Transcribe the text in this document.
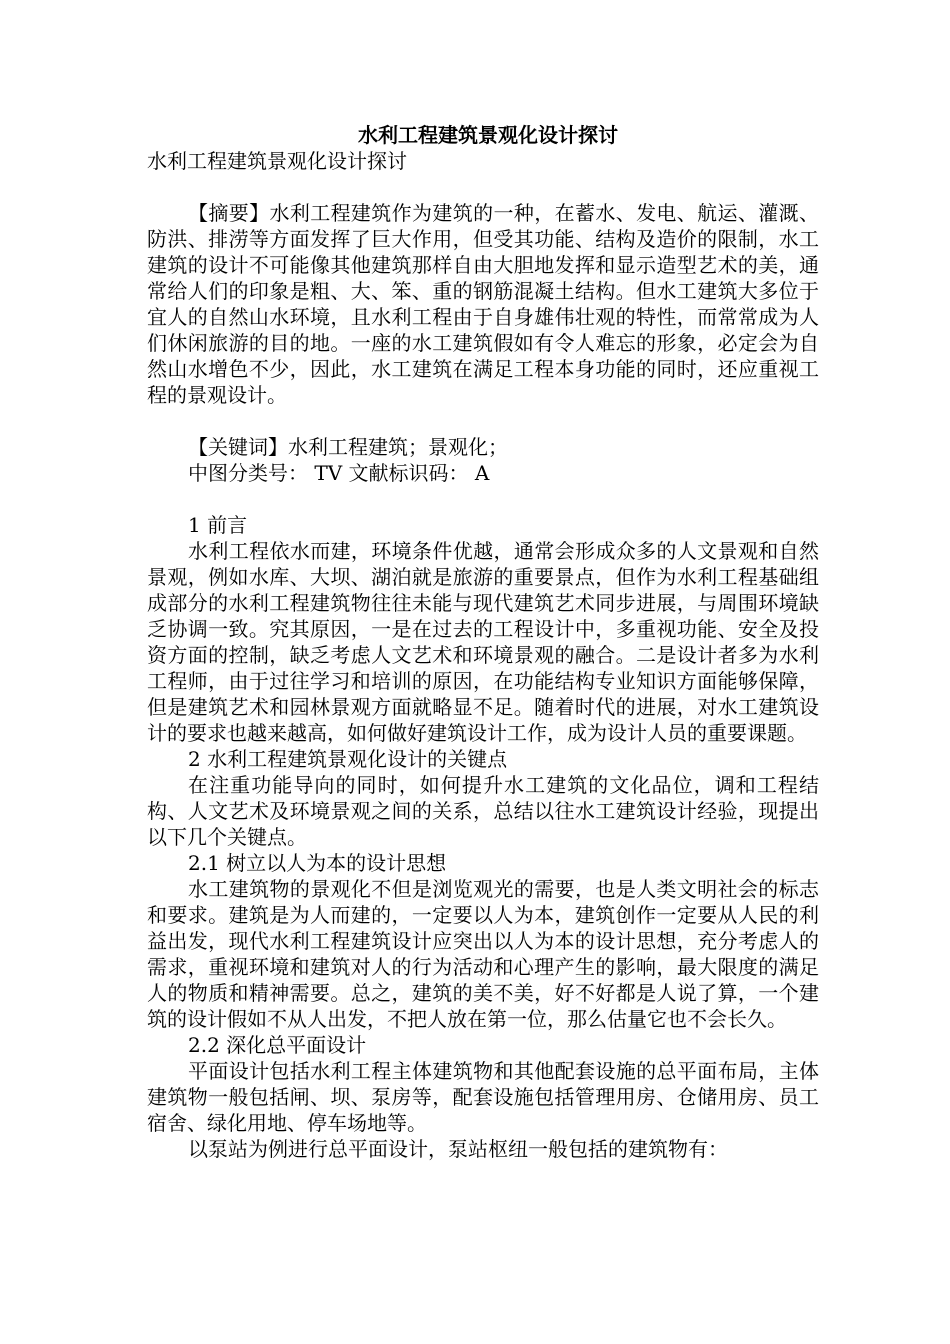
水利工程建筑景观化设计探讨

水利工程建筑景观化设计探讨

【摘要】水利工程建筑作为建筑的一种，在蓄水、发电、航运、灌溉、防洪、排涝等方面发挥了巨大作用，但受其功能、结构及造价的限制，水工建筑的设计不可能像其他建筑那样自由大胆地发挥和显示造型艺术的美，通常给人们的印象是粗、大、笨、重的钢筋混凝土结构。但水工建筑大多位于宜人的自然山水环境，且水利工程由于自身雄伟壮观的特性，而常常成为人们休闲旅游的目的地。一座的水工建筑假如有令人难忘的形象，必定会为自然山水增色不少，因此，水工建筑在满足工程本身功能的同时，还应重视工程的景观设计。

【关键词】水利工程建筑；景观化；

中图分类号： TV 文献标识码： A

1 前言

水利工程依水而建，环境条件优越，通常会形成众多的人文景观和自然景观，例如水库、大坝、湖泊就是旅游的重要景点，但作为水利工程基础组成部分的水利工程建筑物往往未能与现代建筑艺术同步进展，与周围环境缺乏协调一致。究其原因，一是在过去的工程设计中，多重视功能、安全及投资方面的控制，缺乏考虑人文艺术和环境景观的融合。二是设计者多为水利工程师，由于过往学习和培训的原因，在功能结构专业知识方面能够保障，但是建筑艺术和园林景观方面就略显不足。随着时代的进展，对水工建筑设计的要求也越来越高，如何做好建筑设计工作，成为设计人员的重要课题。

2 水利工程建筑景观化设计的关键点

在注重功能导向的同时，如何提升水工建筑的文化品位，调和工程结构、人文艺术及环境景观之间的关系，总结以往水工建筑设计经验，现提出以下几个关键点。

2.1 树立以人为本的设计思想

水工建筑物的景观化不但是浏览观光的需要，也是人类文明社会的标志和要求。建筑是为人而建的，一定要以人为本，建筑创作一定要从人民的利益出发，现代水利工程建筑设计应突出以人为本的设计思想，充分考虑人的需求，重视环境和建筑对人的行为活动和心理产生的影响，最大限度的满足人的物质和精神需要。总之，建筑的美不美，好不好都是人说了算，一个建筑的设计假如不从人出发，不把人放在第一位，那么估量它也不会长久。

2.2 深化总平面设计

平面设计包括水利工程主体建筑物和其他配套设施的总平面布局，主体建筑物一般包括闸、坝、泵房等，配套设施包括管理用房、仓储用房、员工宿舍、绿化用地、停车场地等。

以泵站为例进行总平面设计，泵站枢纽一般包括的建筑物有：
